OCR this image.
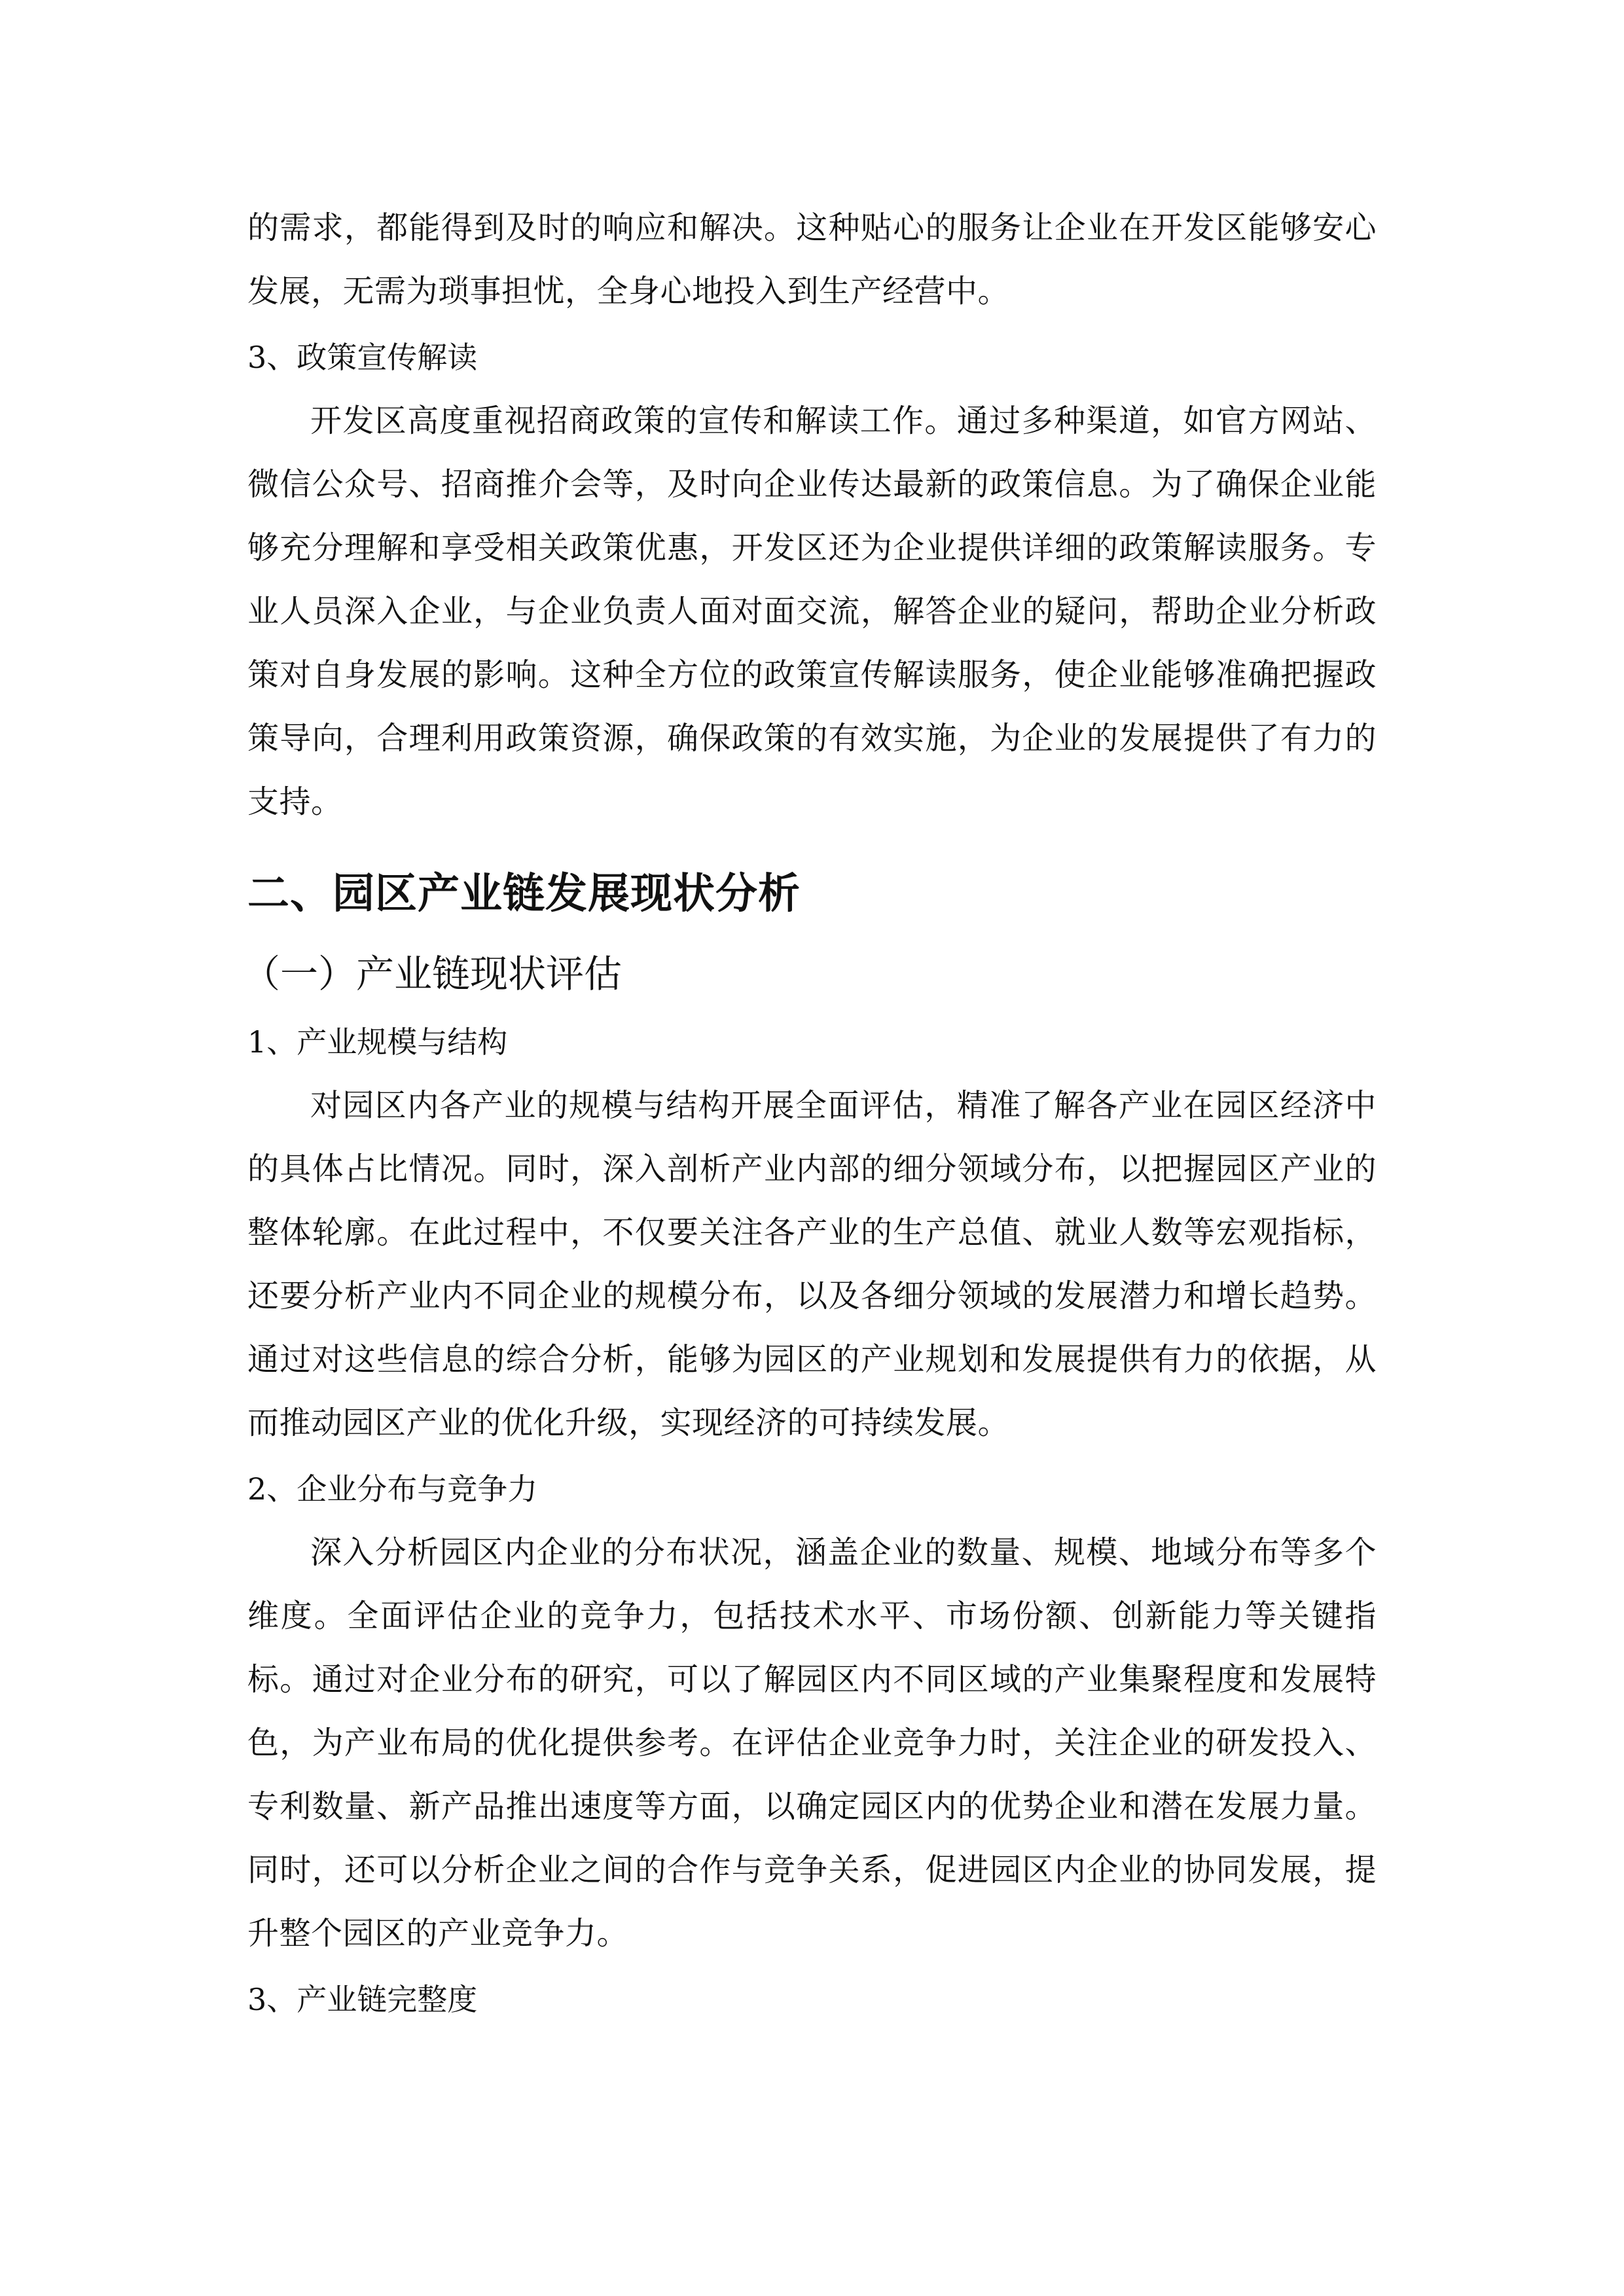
的需求，都能得到及时的响应和解决。这种贴心的服务让企业在开发区能够安心发展，无需为琐事担忧，全身心地投入到生产经营中。
3、政策宣传解读
开发区高度重视招商政策的宣传和解读工作。通过多种渠道，如官方网站、微信公众号、招商推介会等，及时向企业传达最新的政策信息。为了确保企业能够充分理解和享受相关政策优惠，开发区还为企业提供详细的政策解读服务。专业人员深入企业，与企业负责人面对面交流，解答企业的疑问，帮助企业分析政策对自身发展的影响。这种全方位的政策宣传解读服务，使企业能够准确把握政策导向，合理利用政策资源，确保政策的有效实施，为企业的发展提供了有力的支持。
二、园区产业链发展现状分析
（一）产业链现状评估
1、产业规模与结构
对园区内各产业的规模与结构开展全面评估，精准了解各产业在园区经济中的具体占比情况。同时，深入剖析产业内部的细分领域分布，以把握园区产业的整体轮廓。在此过程中，不仅要关注各产业的生产总值、就业人数等宏观指标，还要分析产业内不同企业的规模分布，以及各细分领域的发展潜力和增长趋势。通过对这些信息的综合分析，能够为园区的产业规划和发展提供有力的依据，从而推动园区产业的优化升级，实现经济的可持续发展。
2、企业分布与竞争力
深入分析园区内企业的分布状况，涵盖企业的数量、规模、地域分布等多个维度。全面评估企业的竞争力，包括技术水平、市场份额、创新能力等关键指标。通过对企业分布的研究，可以了解园区内不同区域的产业集聚程度和发展特色，为产业布局的优化提供参考。在评估企业竞争力时，关注企业的研发投入、专利数量、新产品推出速度等方面，以确定园区内的优势企业和潜在发展力量。同时，还可以分析企业之间的合作与竞争关系，促进园区内企业的协同发展，提升整个园区的产业竞争力。
3、产业链完整度
